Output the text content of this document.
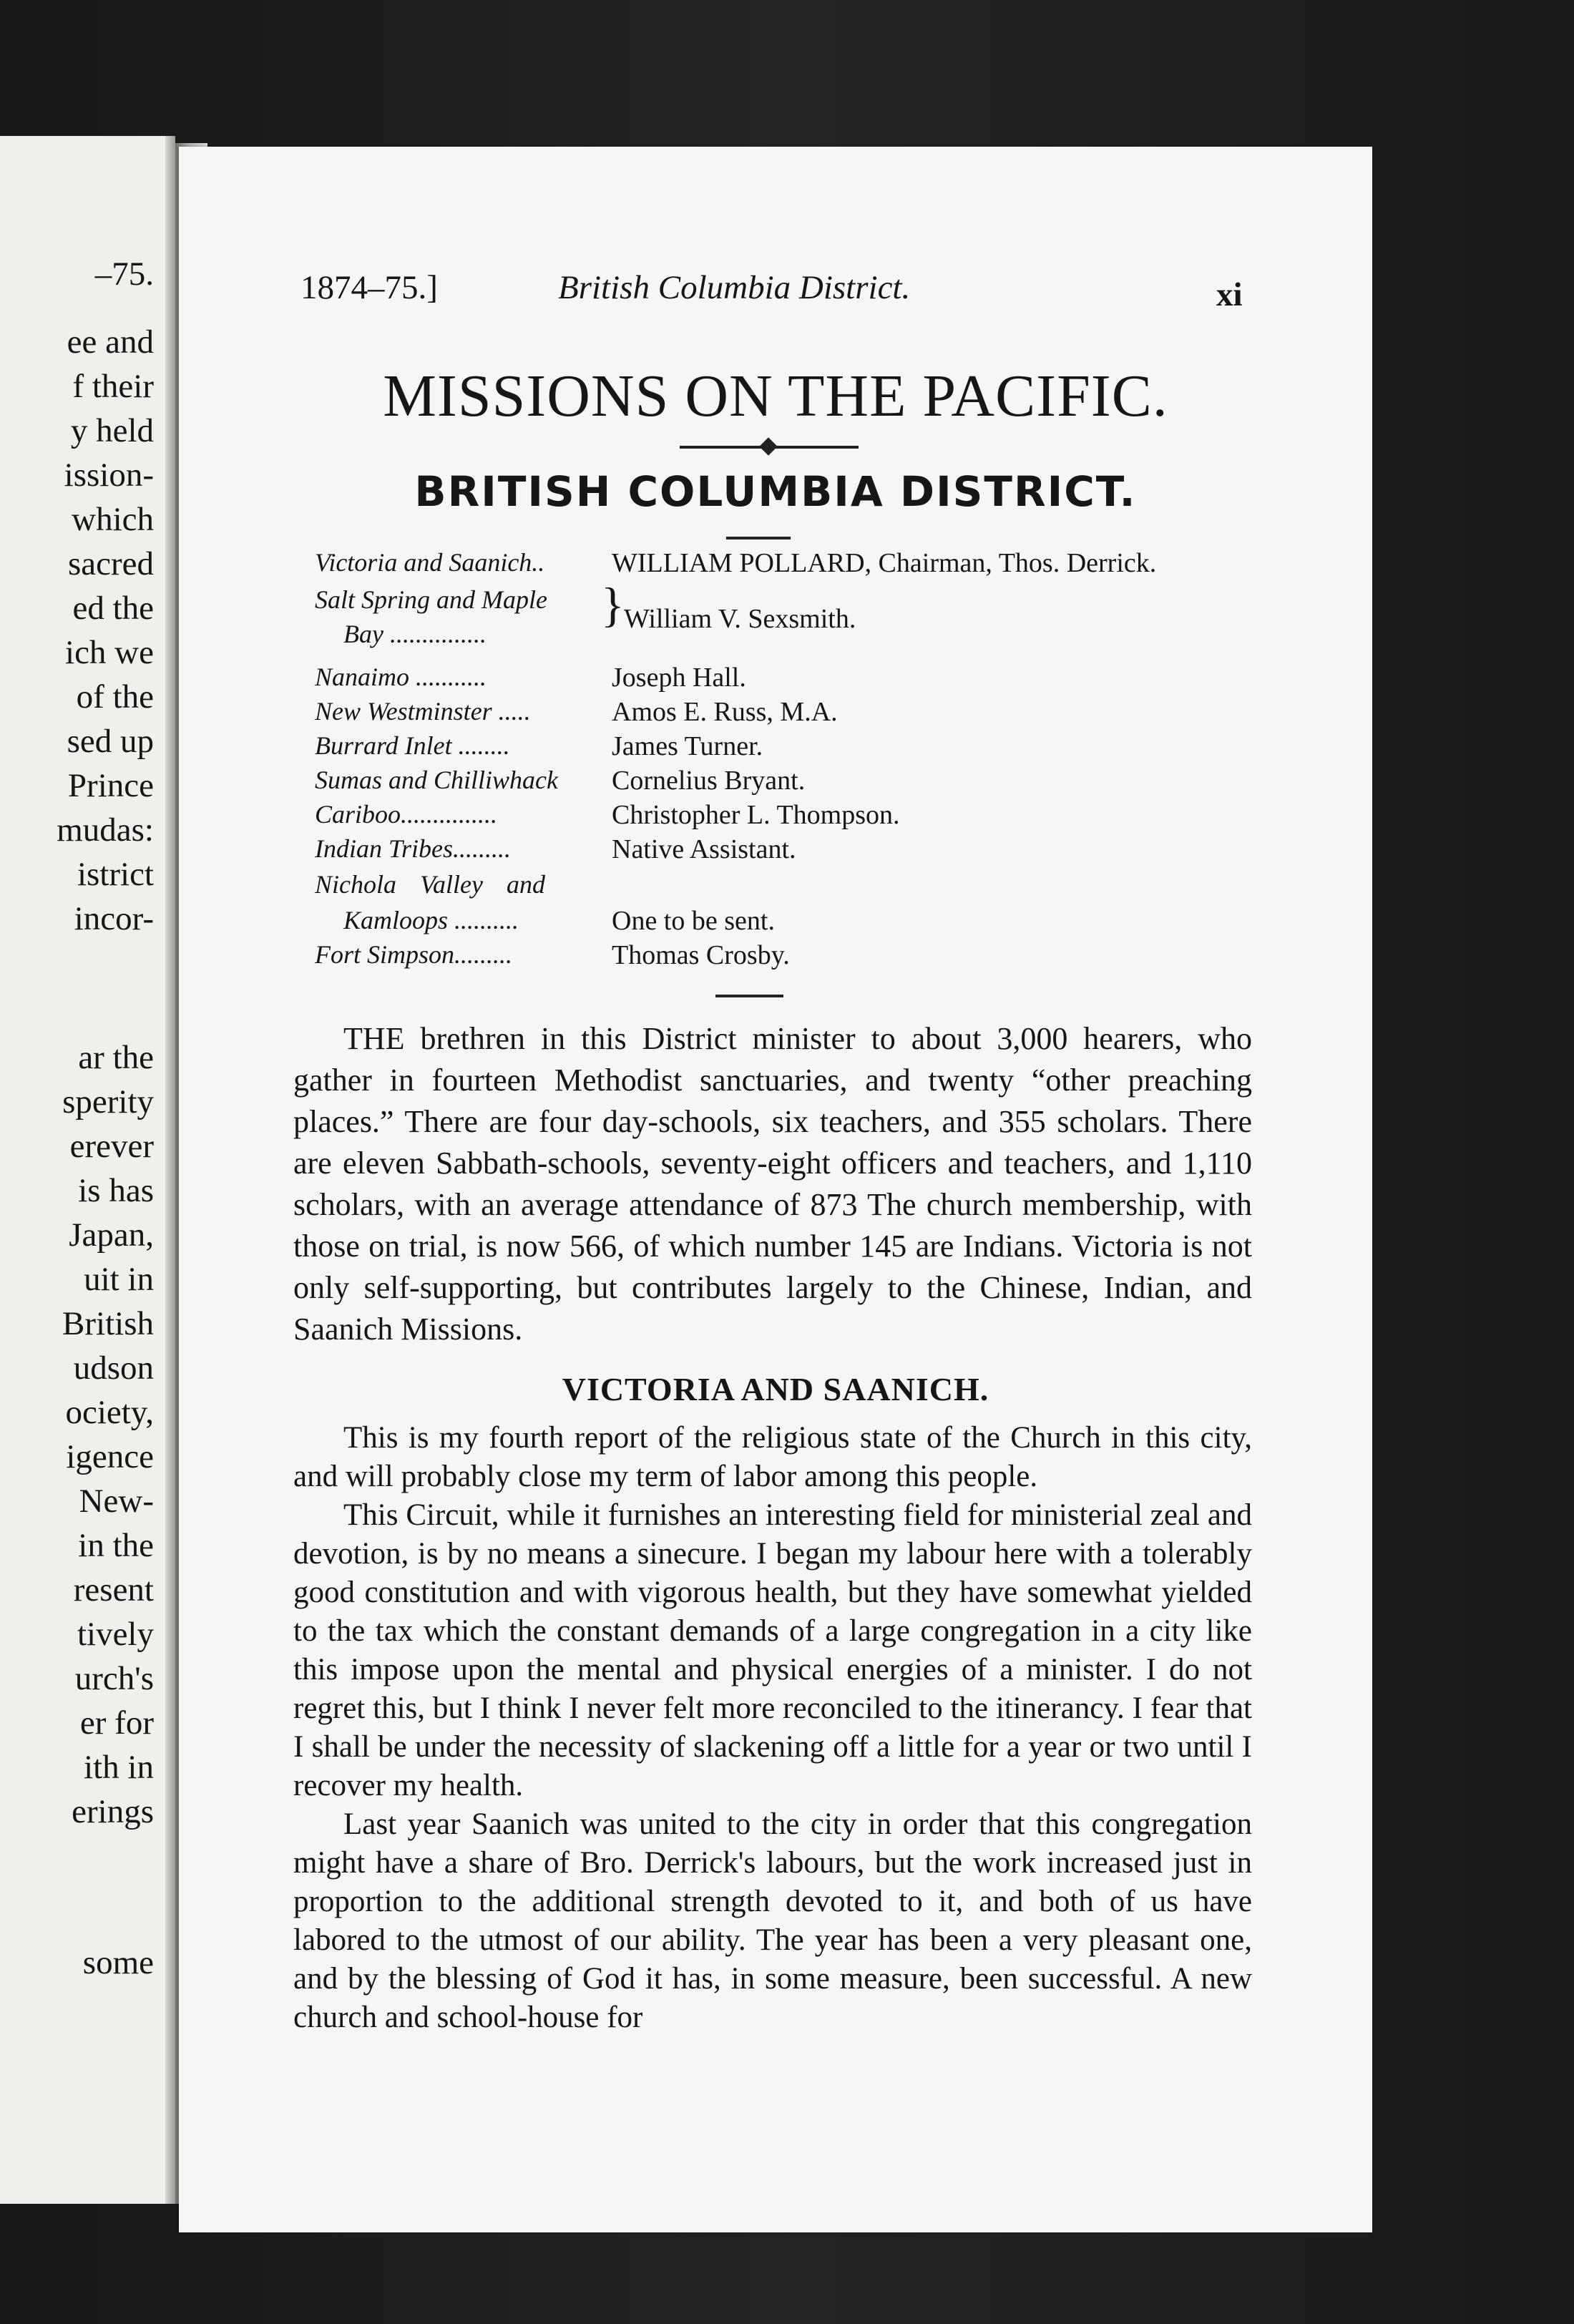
–75.
ee and
f their
y held
ission-
which
sacred
ed the
ich we
of the
sed up
Prince
mudas:
istrict
incor-
ar the
sperity
erever
is has
Japan,
uit in
British
udson
ociety,
igence
New-
in the
resent
tively
urch's
er for
ith in
erings
some
1874–75.]	British Columbia District.	xi
MISSIONS ON THE PACIFIC.
BRITISH COLUMBIA DISTRICT.
Victoria and Saanich.. WILLIAM POLLARD, Chairman, Thos. Derrick.
Salt Spring and Maple } William V. Sexsmith.
Bay ...............
Nanaimo ...........	Joseph Hall.
New Westminster .....	Amos E. Russ, M.A.
Burrard Inlet ........	James Turner.
Sumas and Chilliwhack Cornelius Bryant.
Cariboo...............	Christopher L. Thompson.
Indian Tribes.........	Native Assistant.
Nichola Valley and
Kamloops ..........	One to be sent.
Fort Simpson.........	Thomas Crosby.
THE brethren in this District minister to about 3,000 hearers, who gather in fourteen Methodist sanctuaries, and twenty “other preaching places.” There are four day-schools, six teachers, and 355 scholars. There are eleven Sabbath-schools, seventy-eight officers and teachers, and 1,110 scholars, with an average attendance of 873 The church membership, with those on trial, is now 566, of which number 145 are Indians. Victoria is not only self-supporting, but contributes largely to the Chinese, Indian, and Saanich Missions.
VICTORIA AND SAANICH.

This is my fourth report of the religious state of the Church in this city, and will probably close my term of labor among this people.

This Circuit, while it furnishes an interesting field for ministerial zeal and devotion, is by no means a sinecure. I began my labour here with a tolerably good constitution and with vigorous health, but they have somewhat yielded to the tax which the constant demands of a large congregation in a city like this impose upon the mental and physical energies of a minister. I do not regret this, but I think I never felt more reconciled to the itinerancy. I fear that I shall be under the necessity of slackening off a little for a year or two until I recover my health.

Last year Saanich was united to the city in order that this congregation might have a share of Bro. Derrick's labours, but the work increased just in proportion to the additional strength devoted to it, and both of us have labored to the utmost of our ability. The year has been a very pleasant one, and by the blessing of God it has, in some measure, been successful. A new church and school-house for
